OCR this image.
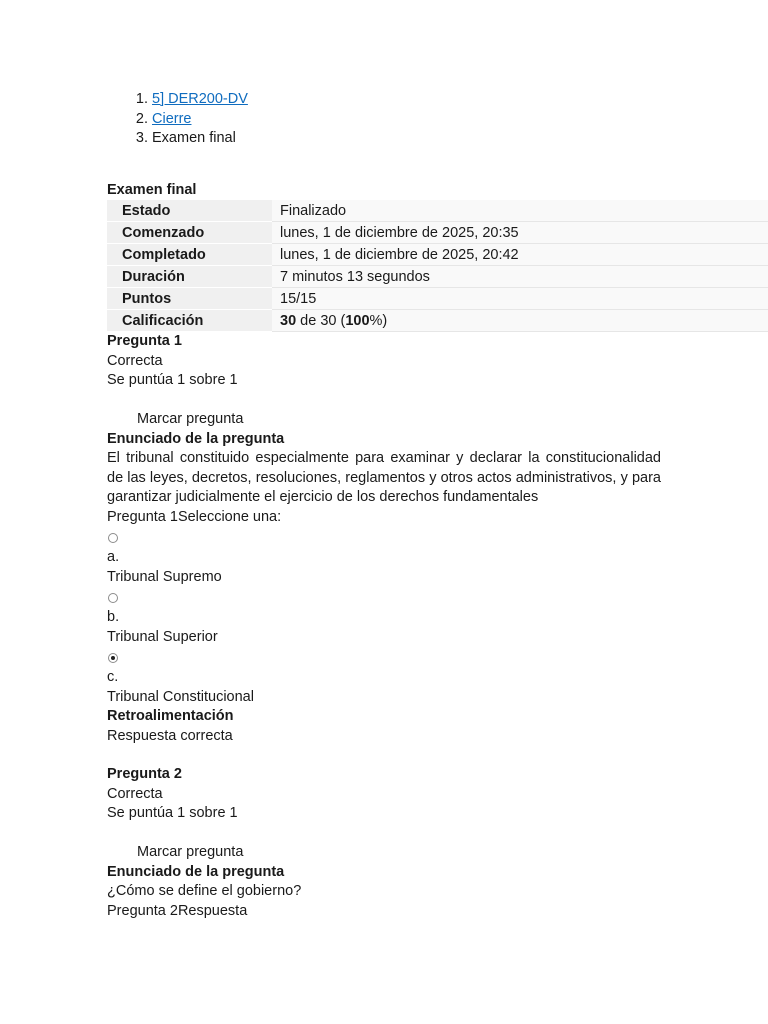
1. 5] DER200-DV
2. Cierre
3. Examen final
Examen final
Estado	Finalizado
Comenzado	lunes, 1 de diciembre de 2025, 20:35
Completado	lunes, 1 de diciembre de 2025, 20:42
Duración	7 minutos 13 segundos
Puntos	15/15
Calificación	30 de 30 (100%)
Pregunta 1
Correcta
Se puntúa 1 sobre 1
Marcar pregunta
Enunciado de la pregunta
El tribunal constituido especialmente para examinar y declarar la constitucionalidad de las leyes, decretos, resoluciones, reglamentos y otros actos administrativos, y para garantizar judicialmente el ejercicio de los derechos fundamentales
Pregunta 1Seleccione una:
a.
Tribunal Supremo
b.
Tribunal Superior
c.
Tribunal Constitucional
Retroalimentación
Respuesta correcta
Pregunta 2
Correcta
Se puntúa 1 sobre 1
Marcar pregunta
Enunciado de la pregunta
¿Cómo se define el gobierno?
Pregunta 2Respuesta
